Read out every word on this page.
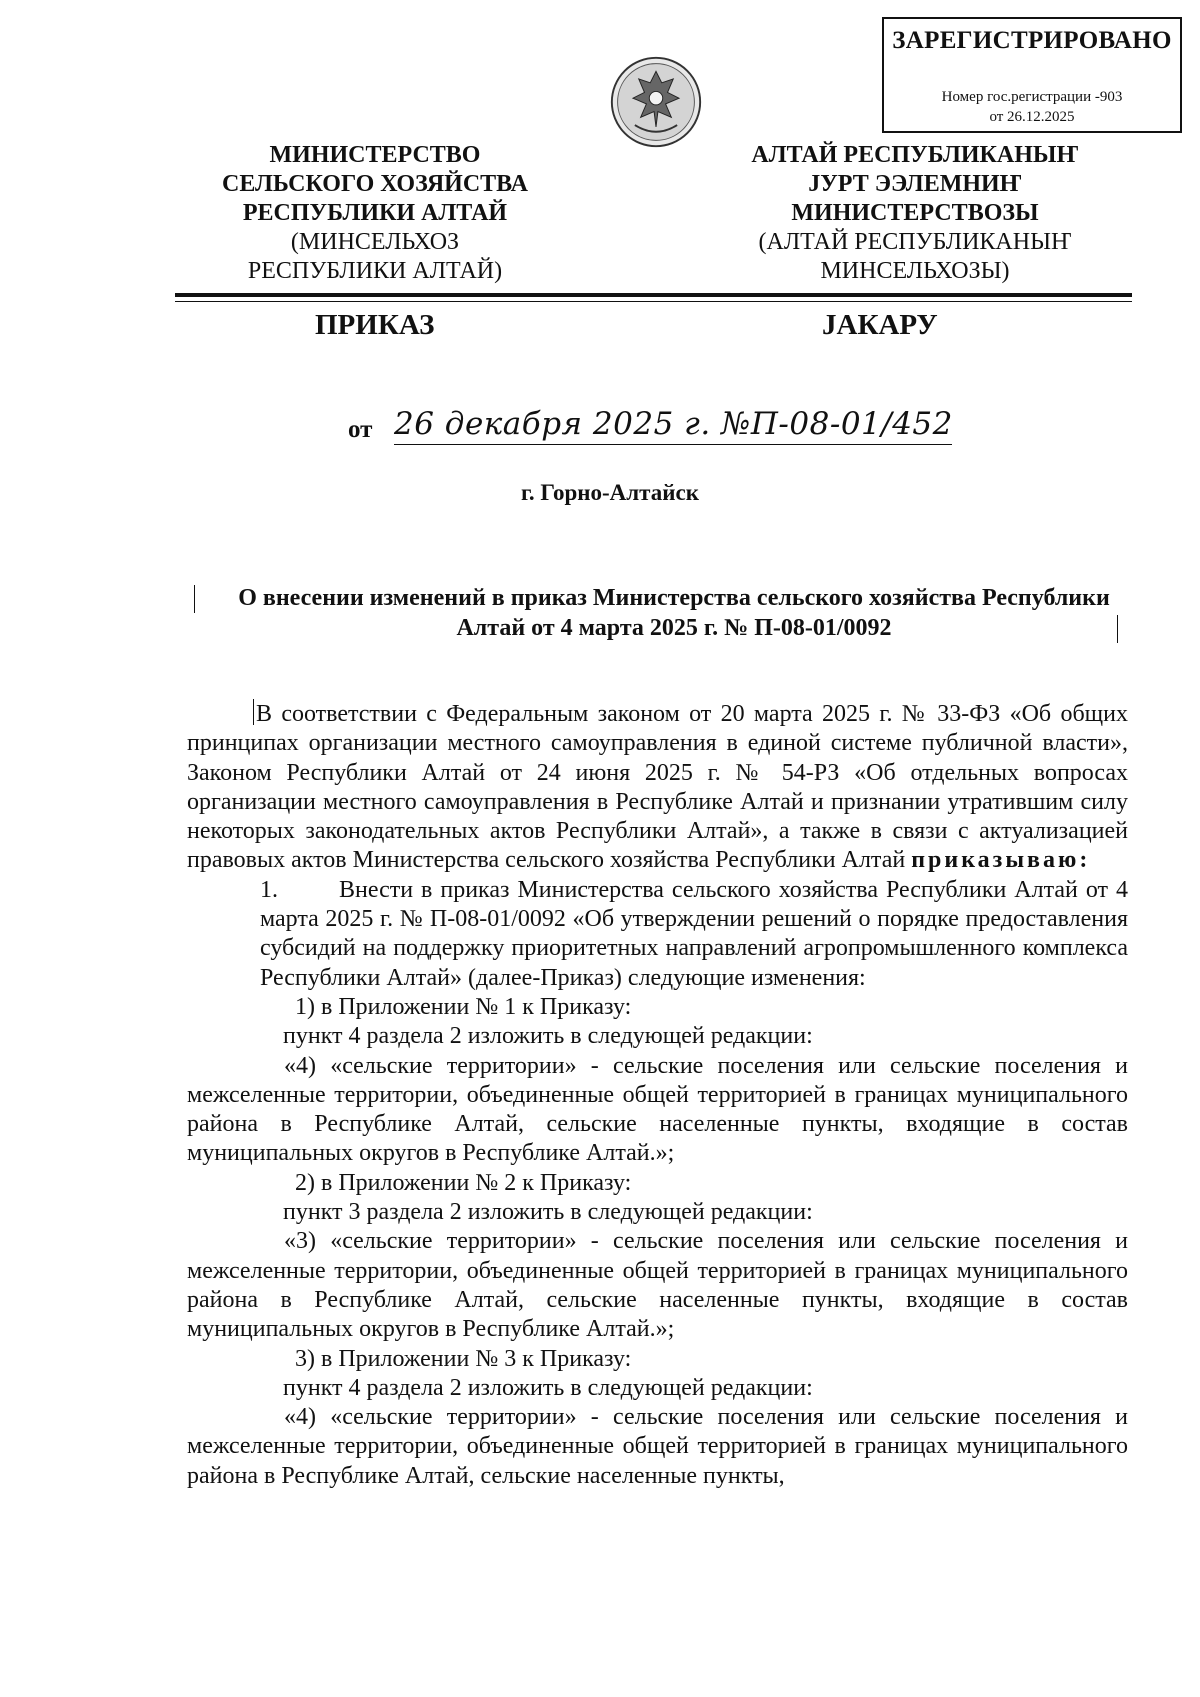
ЗАРЕГИСТРИРОВАНО
Номер гос.регистрации -903
от 26.12.2025
МИНИСТЕРСТВО
СЕЛЬСКОГО ХОЗЯЙСТВА
РЕСПУБЛИКИ АЛТАЙ
(МИНСЕЛЬХОЗ
РЕСПУБЛИКИ АЛТАЙ)
АЛТАЙ РЕСПУБЛИКАНЫҤ
ЈУРТ ЭЭЛЕМНИҤ
МИНИСТЕРСТВОЗЫ
(АЛТАЙ РЕСПУБЛИКАНЫҤ
МИНСЕЛЬХОЗЫ)
ПРИКАЗ	ЈАКАРУ
от 26 декабря 2025 г. №П-08-01/452
г. Горно-Алтайск
О внесении изменений в приказ Министерства сельского хозяйства Республики
Алтай от 4 марта 2025 г. № П-08-01/0092

В соответствии с Федеральным законом от 20 марта 2025 г. № 33-ФЗ «Об общих принципах организации местного самоуправления в единой системе публичной власти», Законом Республики Алтай от 24 июня 2025 г. № 54-РЗ «Об отдельных вопросах организации местного самоуправления в Республике Алтай и признании утратившим силу некоторых законодательных актов Республики Алтай», а также в связи с актуализацией правовых актов Министерства сельского хозяйства Республики Алтай приказываю:

1.	Внести в приказ Министерства сельского хозяйства Республики Алтай от 4 марта 2025 г. № П-08-01/0092 «Об утверждении решений о порядке предоставления субсидий на поддержку приоритетных направлений агропромышленного комплекса Республики Алтай» (далее-Приказ) следующие изменения:

1) в Приложении № 1 к Приказу:

пункт 4 раздела 2 изложить в следующей редакции:

«4) «сельские территории» - сельские поселения или сельские поселения и межселенные территории, объединенные общей территорией в границах муниципального района в Республике Алтай, сельские населенные пункты, входящие в состав муниципальных округов в Республике Алтай.»;

2) в Приложении № 2 к Приказу:

пункт 3 раздела 2 изложить в следующей редакции:

«3) «сельские территории» - сельские поселения или сельские поселения и межселенные территории, объединенные общей территорией в границах муниципального района в Республике Алтай, сельские населенные пункты, входящие в состав муниципальных округов в Республике Алтай.»;

3) в Приложении № 3 к Приказу:

пункт 4 раздела 2 изложить в следующей редакции:

«4) «сельские территории» - сельские поселения или сельские поселения и межселенные территории, объединенные общей территорией в границах муниципального района в Республике Алтай, сельские населенные пункты,
